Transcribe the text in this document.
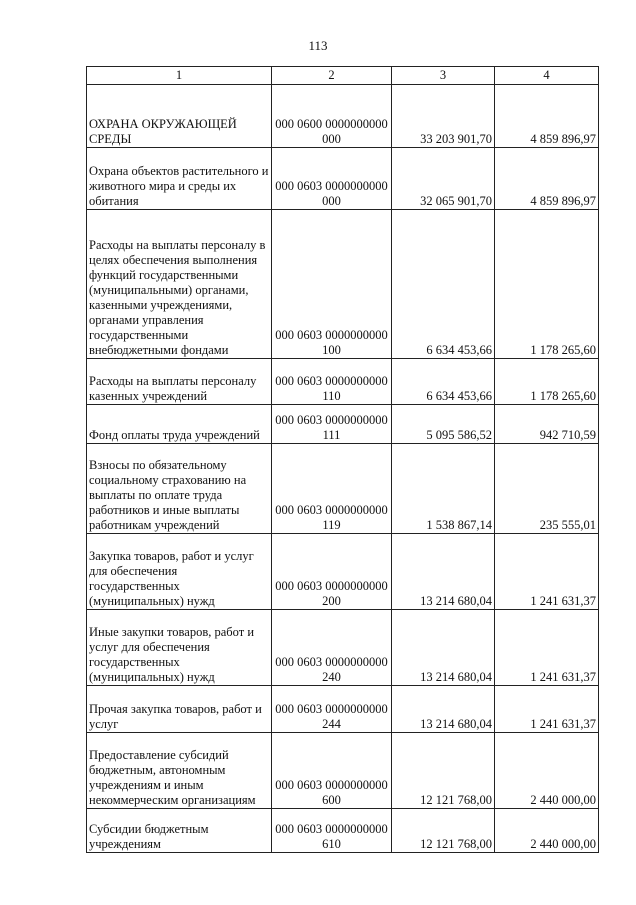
113
1	2	3	4
ОХРАНА ОКРУЖАЮЩЕЙ СРЕДЫ	000 0600 0000000000 000	33 203 901,70	4 859 896,97
Охрана объектов растительного и животного мира и среды их обитания	000 0603 0000000000 000	32 065 901,70	4 859 896,97
Расходы на выплаты персоналу в целях обеспечения выполнения функций государственными (муниципальными) органами, казенными учреждениями, органами управления государственными внебюджетными фондами	000 0603 0000000000 100	6 634 453,66	1 178 265,60
Расходы на выплаты персоналу казенных учреждений	000 0603 0000000000 110	6 634 453,66	1 178 265,60
Фонд оплаты труда учреждений	000 0603 0000000000 111	5 095 586,52	942 710,59
Взносы по обязательному социальному страхованию на выплаты по оплате труда работников и иные выплаты работникам учреждений	000 0603 0000000000 119	1 538 867,14	235 555,01
Закупка товаров, работ и услуг для обеспечения государственных (муниципальных) нужд	000 0603 0000000000 200	13 214 680,04	1 241 631,37
Иные закупки товаров, работ и услуг для обеспечения государственных (муниципальных) нужд	000 0603 0000000000 240	13 214 680,04	1 241 631,37
Прочая закупка товаров, работ и услуг	000 0603 0000000000 244	13 214 680,04	1 241 631,37
Предоставление субсидий бюджетным, автономным учреждениям и иным некоммерческим организациям	000 0603 0000000000 600	12 121 768,00	2 440 000,00
Субсидии бюджетным учреждениям	000 0603 0000000000 610	12 121 768,00	2 440 000,00
